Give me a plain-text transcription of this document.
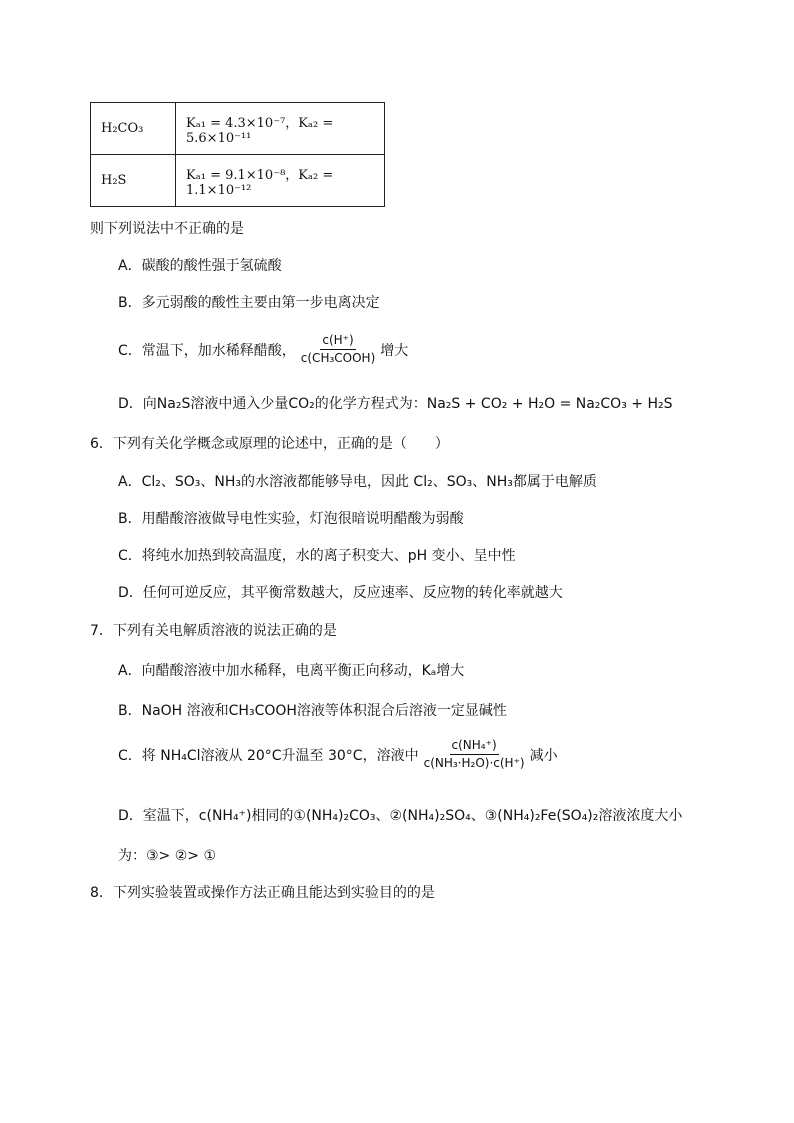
H₂CO₃	Kₐ₁ = 4.3×10⁻⁷，Kₐ₂ = 5.6×10⁻¹¹
H₂S	Kₐ₁ = 9.1×10⁻⁸，Kₐ₂ = 1.1×10⁻¹²
则下列说法中不正确的是
A．碳酸的酸性强于氢硫酸
B．多元弱酸的酸性主要由第一步电离决定
C．常温下，加水稀释醋酸， $\frac{c(H^+)}{\text{c(CH₃COOH)}}$ 增大
D．向Na₂S溶液中通入少量CO₂的化学方程式为：Na₂S + CO₂ + H₂O = Na₂CO₃ + H₂S
6．下列有关化学概念或原理的论述中，正确的是（　　）
A．Cl₂、SO₃、NH₃的水溶液都能够导电，因此 Cl₂、SO₃、NH₃都属于电解质
B．用醋酸溶液做导电性实验，灯泡很暗说明醋酸为弱酸
C．将纯水加热到较高温度，水的离子积变大、pH 变小、呈中性
D．任何可逆反应，其平衡常数越大，反应速率、反应物的转化率就越大
7．下列有关电解质溶液的说法正确的是
A．向醋酸溶液中加水稀释，电离平衡正向移动，Kₐ增大
B．NaOH 溶液和CH₃COOH溶液等体积混合后溶液一定显碱性
C．将 NH₄Cl溶液从 20°C升温至 30°C，溶液中 $\frac{\text{c(NH₄⁺)}}{\text{c(NH₃·H₂O)·c(H⁺)}}$ 减小
D．室温下，c(NH₄⁺)相同的①(NH₄)₂CO₃、②(NH₄)₂SO₄、③(NH₄)₂Fe(SO₄)₂溶液浓度大小
为：③> ②> ①
8．下列实验装置或操作方法正确且能达到实验目的的是
